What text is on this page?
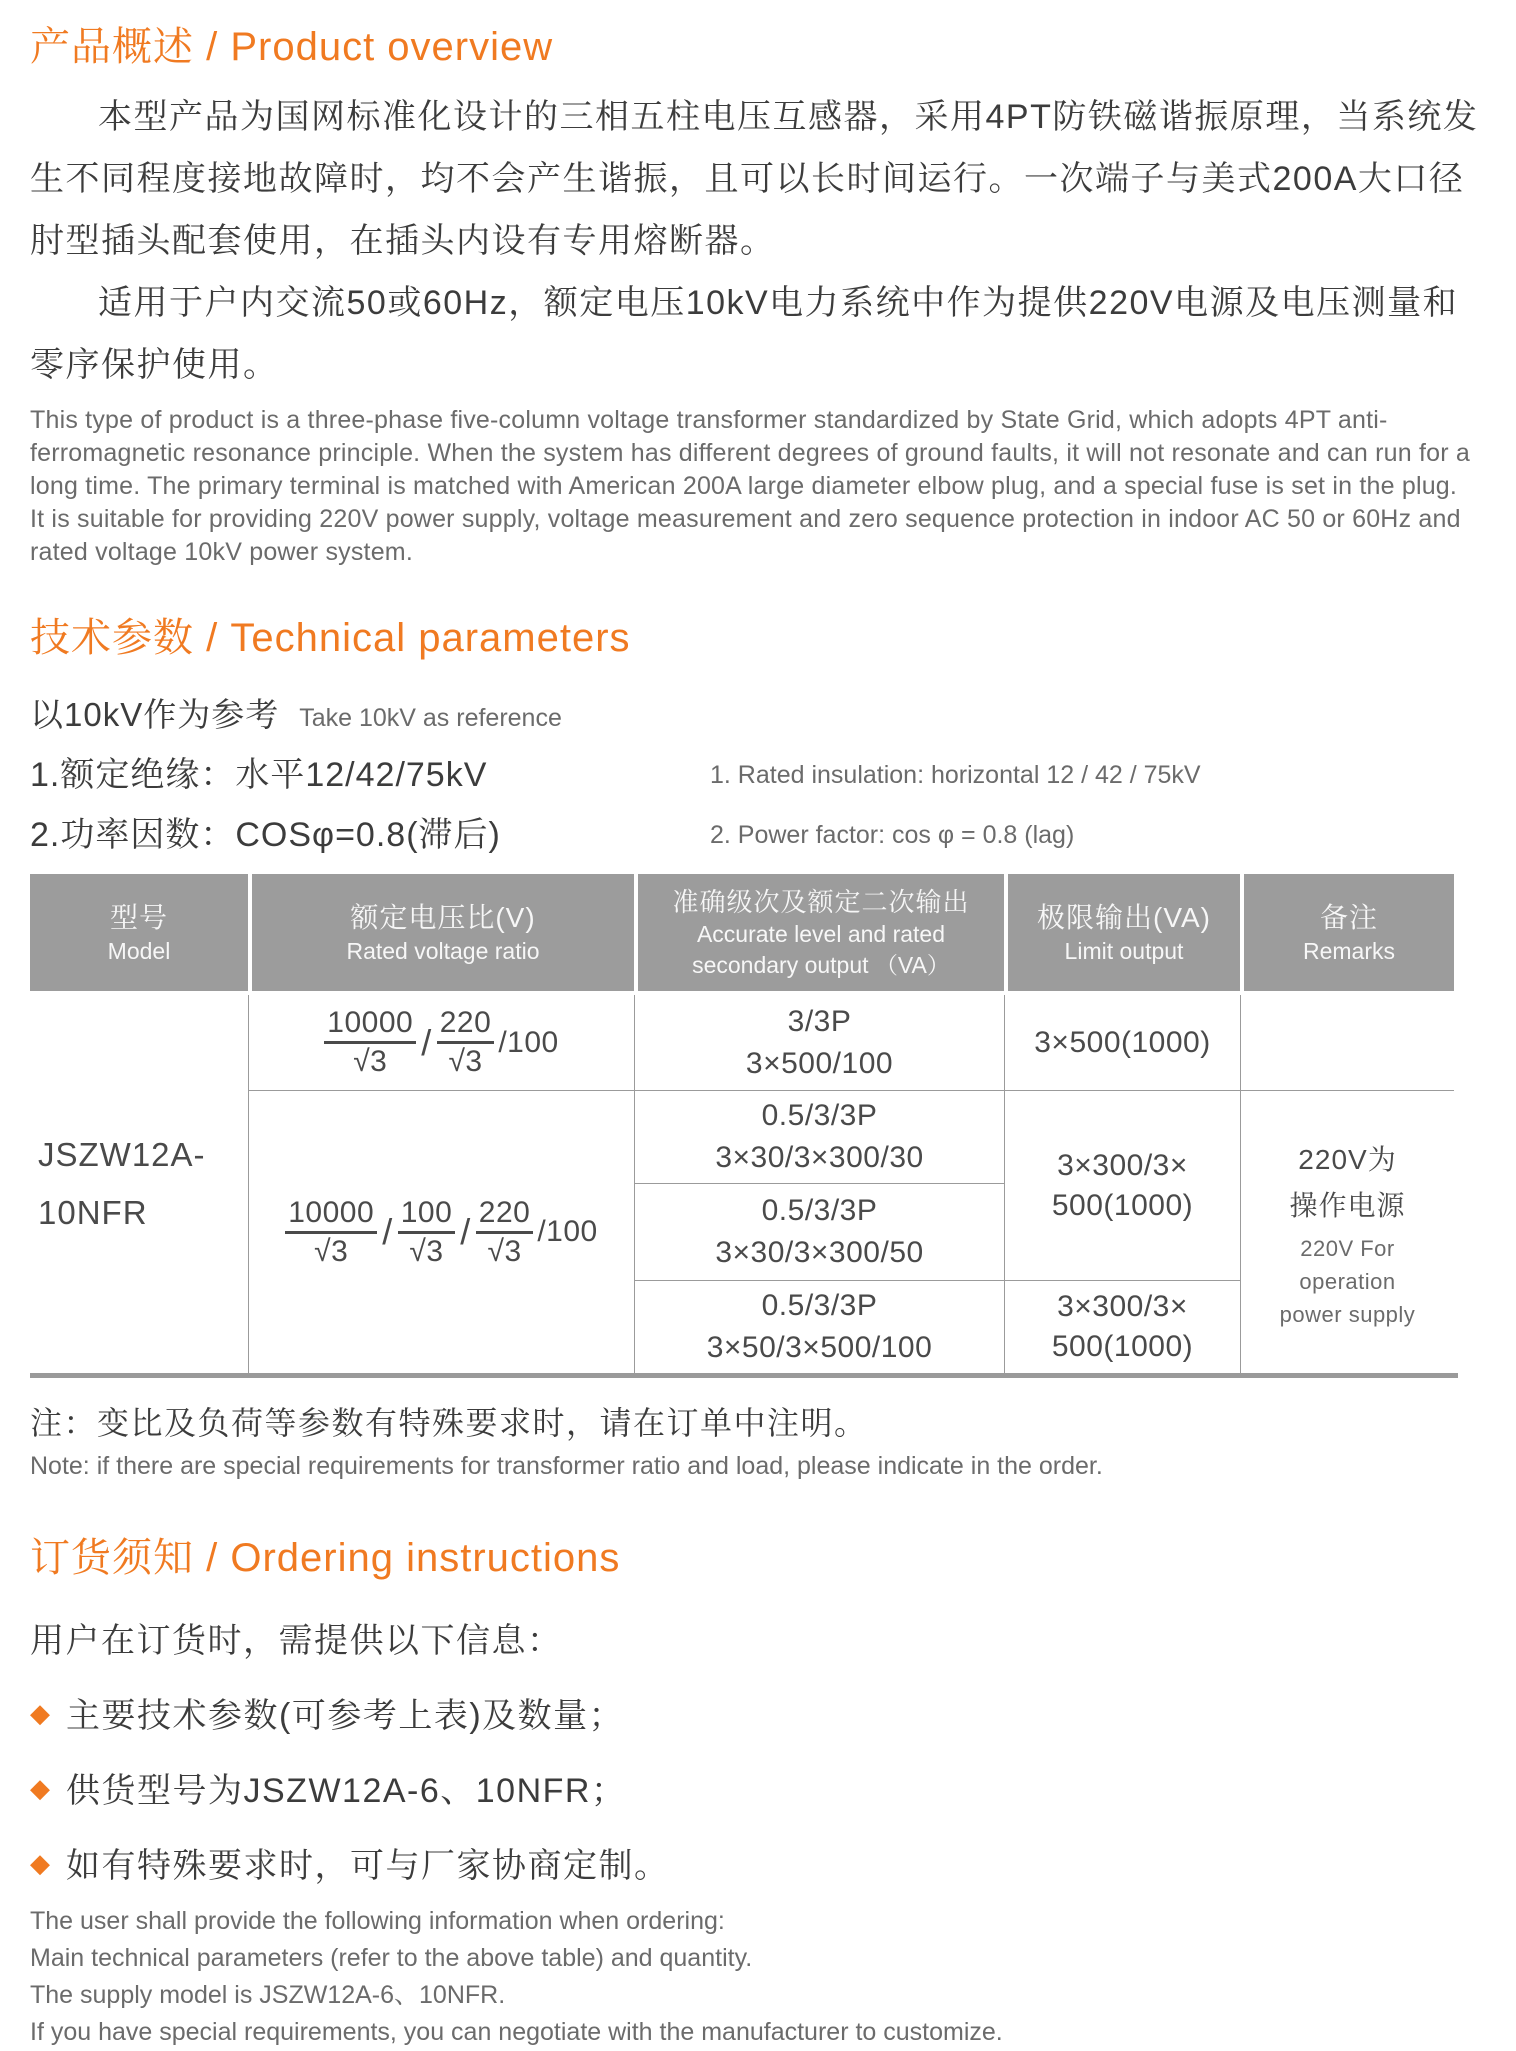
产品概述 / Product overview

本型产品为国网标准化设计的三相五柱电压互感器，采用4PT防铁磁谐振原理，当系统发生不同程度接地故障时，均不会产生谐振，且可以长时间运行。一次端子与美式200A大口径肘型插头配套使用，在插头内设有专用熔断器。

适用于户内交流50或60Hz，额定电压10kV电力系统中作为提供220V电源及电压测量和零序保护使用。

This type of product is a three-phase five-column voltage transformer standardized by State Grid, which adopts 4PT anti-ferromagnetic resonance principle. When the system has different degrees of ground faults, it will not resonate and can run for a long time. The primary terminal is matched with American 200A large diameter elbow plug, and a special fuse is set in the plug.

It is suitable for providing 220V power supply, voltage measurement and zero sequence protection in indoor AC 50 or 60Hz and rated voltage 10kV power system.

技术参数 / Technical parameters
以10kV作为参考 Take 10kV as reference
1.额定绝缘：水平12/42/75kV	1. Rated insulation: horizontal 12 / 42 / 75kV
2.功率因数：COSφ=0.8(滞后)	2. Power factor: cos φ = 0.8 (lag)
型号
Model
额定电压比(V)
Rated voltage ratio
准确级次及额定二次输出
Accurate level and rated
secondary output （VA）
极限输出(VA)
Limit output
备注
Remarks
JSZW12A-
10NFR
$\frac{10000}{√3} / \frac{220}{√3} /100$
$\frac{10000}{√3} / \frac{100}{√3} / \frac{220}{√3} /100$
3/3P
3×500/100
0.5/3/3P
3×30/3×300/30
0.5/3/3P
3×30/3×300/50
0.5/3/3P
3×50/3×500/100
3×500(1000)
3×300/3×
500(1000)
3×300/3×
500(1000)
220V为
操作电源
220V For
operation
power supply
注：变比及负荷等参数有特殊要求时，请在订单中注明。
Note: if there are special requirements for transformer ratio and load, please indicate in the order.
订货须知 / Ordering instructions
用户在订货时，需提供以下信息：
◆ 主要技术参数(可参考上表)及数量；
◆ 供货型号为JSZW12A-6、10NFR；
◆ 如有特殊要求时，可与厂家协商定制。
The user shall provide the following information when ordering:
Main technical parameters (refer to the above table) and quantity.
The supply model is JSZW12A-6、10NFR.
If you have special requirements, you can negotiate with the manufacturer to customize.
